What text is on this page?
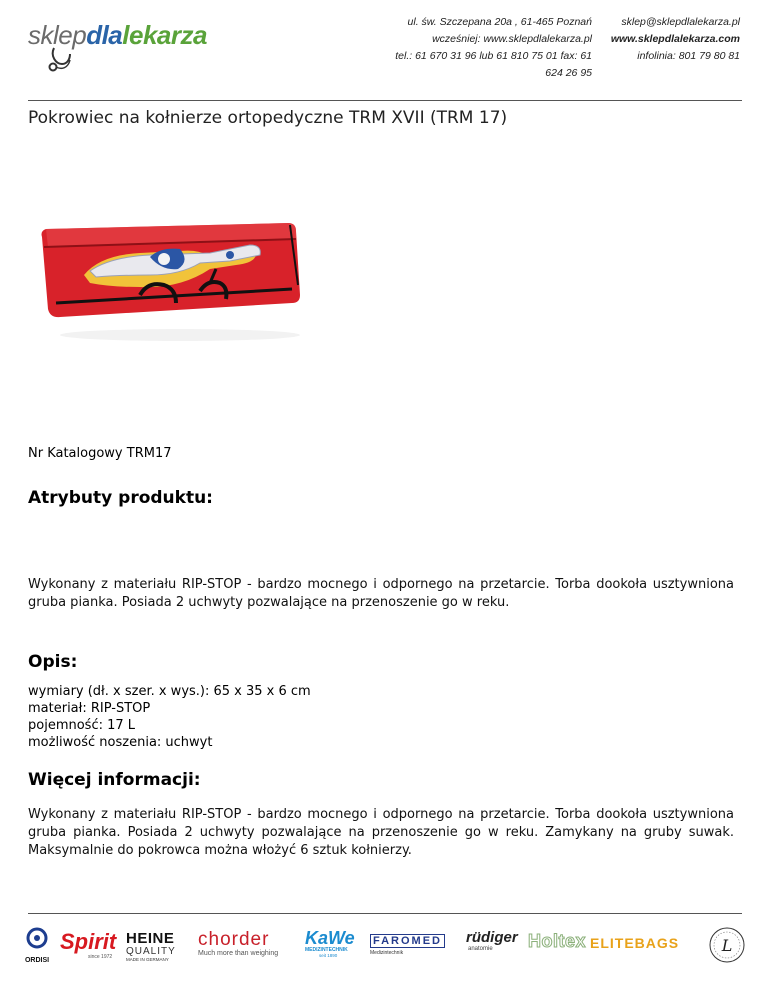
sklepdlalekarza	ul. św. Szczepana 20a , 61-465 Poznań
wcześniej: www.sklepdlalekarza.pl
tel.: 61 670 31 96 lub 61 810 75 01 fax: 61 624 26 95
sklep@sklepdlalekarza.pl
www.sklepdlalekarza.com
infolinia: 801 79 80 81
Pokrowiec na kołnierze ortopedyczne TRM XVII (TRM 17)
Nr Katalogowy TRM17
Atrybuty produktu:
Wykonany z materiału RIP-STOP - bardzo mocnego i odpornego na przetarcie. Torba dookoła usztywniona gruba pianka. Posiada 2 uchwyty pozwalające na przenoszenie go w reku.
Opis:
wymiary (dł. x szer. x wys.): 65 x 35 x 6 cm
materiał: RIP-STOP
pojemność: 17 L
możliwość noszenia: uchwyt
Więcej informacji:
Wykonany z materiału RIP-STOP - bardzo mocnego i odpornego na przetarcie. Torba dookoła usztywniona gruba pianka. Posiada 2 uchwyty pozwalające na przenoszenie go w reku. Zamykany na gruby suwak. Maksymalnie do pokrowca można włożyć 6 sztuk kołnierzy.
ORDISI
Spirit
since 1972
HEINE
QUALITY
MADE IN GERMANY
chorder
Much more than weighing
KaWe
MEDIZINTECHNIK
seit 1890
FAROMED
Medizintechnik
rüdiger
anatomie	Holtex ELITEBAGS	L
